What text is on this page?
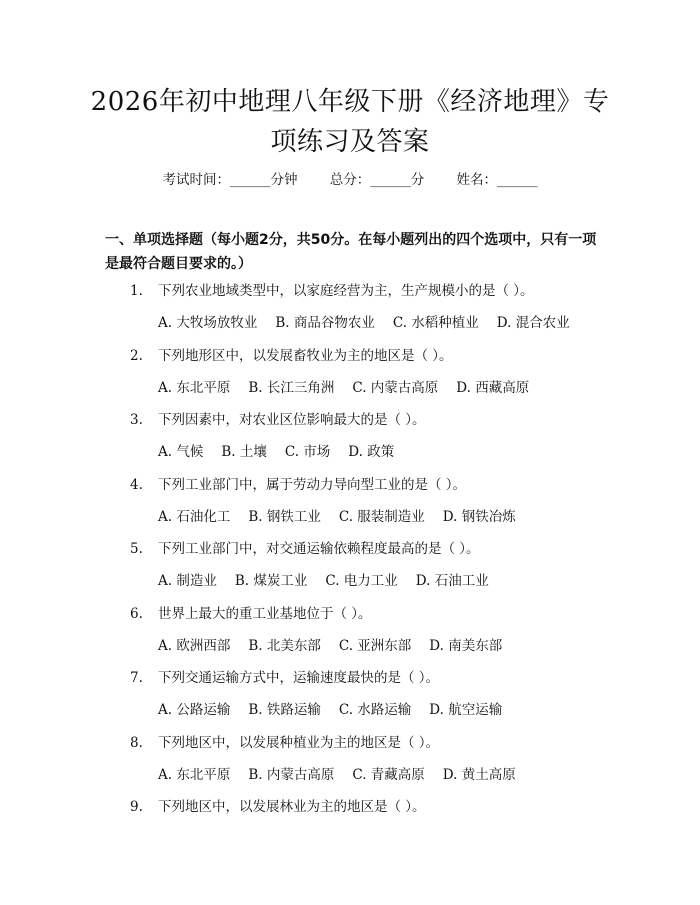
2026年初中地理八年级下册《经济地理》专项练习及答案
考试时间：______分钟 总分：______分 姓名：______
一、单项选择题（每小题2分，共50分。在每小题列出的四个选项中，只有一项是最符合题目要求的。）
1. 下列农业地域类型中，以家庭经营为主，生产规模小的是（ ）。
A. 大牧场放牧业 B. 商品谷物农业 C. 水稻种植业 D. 混合农业
2. 下列地形区中，以发展畜牧业为主的地区是（ ）。
A. 东北平原 B. 长江三角洲 C. 内蒙古高原 D. 西藏高原
3. 下列因素中，对农业区位影响最大的是（ ）。
A. 气候 B. 土壤 C. 市场 D. 政策
4. 下列工业部门中，属于劳动力导向型工业的是（ ）。
A. 石油化工 B. 钢铁工业 C. 服装制造业 D. 钢铁冶炼
5. 下列工业部门中，对交通运输依赖程度最高的是（ ）。
A. 制造业 B. 煤炭工业 C. 电力工业 D. 石油工业
6. 世界上最大的重工业基地位于（ ）。
A. 欧洲西部 B. 北美东部 C. 亚洲东部 D. 南美东部
7. 下列交通运输方式中，运输速度最快的是（ ）。
A. 公路运输 B. 铁路运输 C. 水路运输 D. 航空运输
8. 下列地区中，以发展种植业为主的地区是（ ）。
A. 东北平原 B. 内蒙古高原 C. 青藏高原 D. 黄土高原
9. 下列地区中，以发展林业为主的地区是（ ）。
